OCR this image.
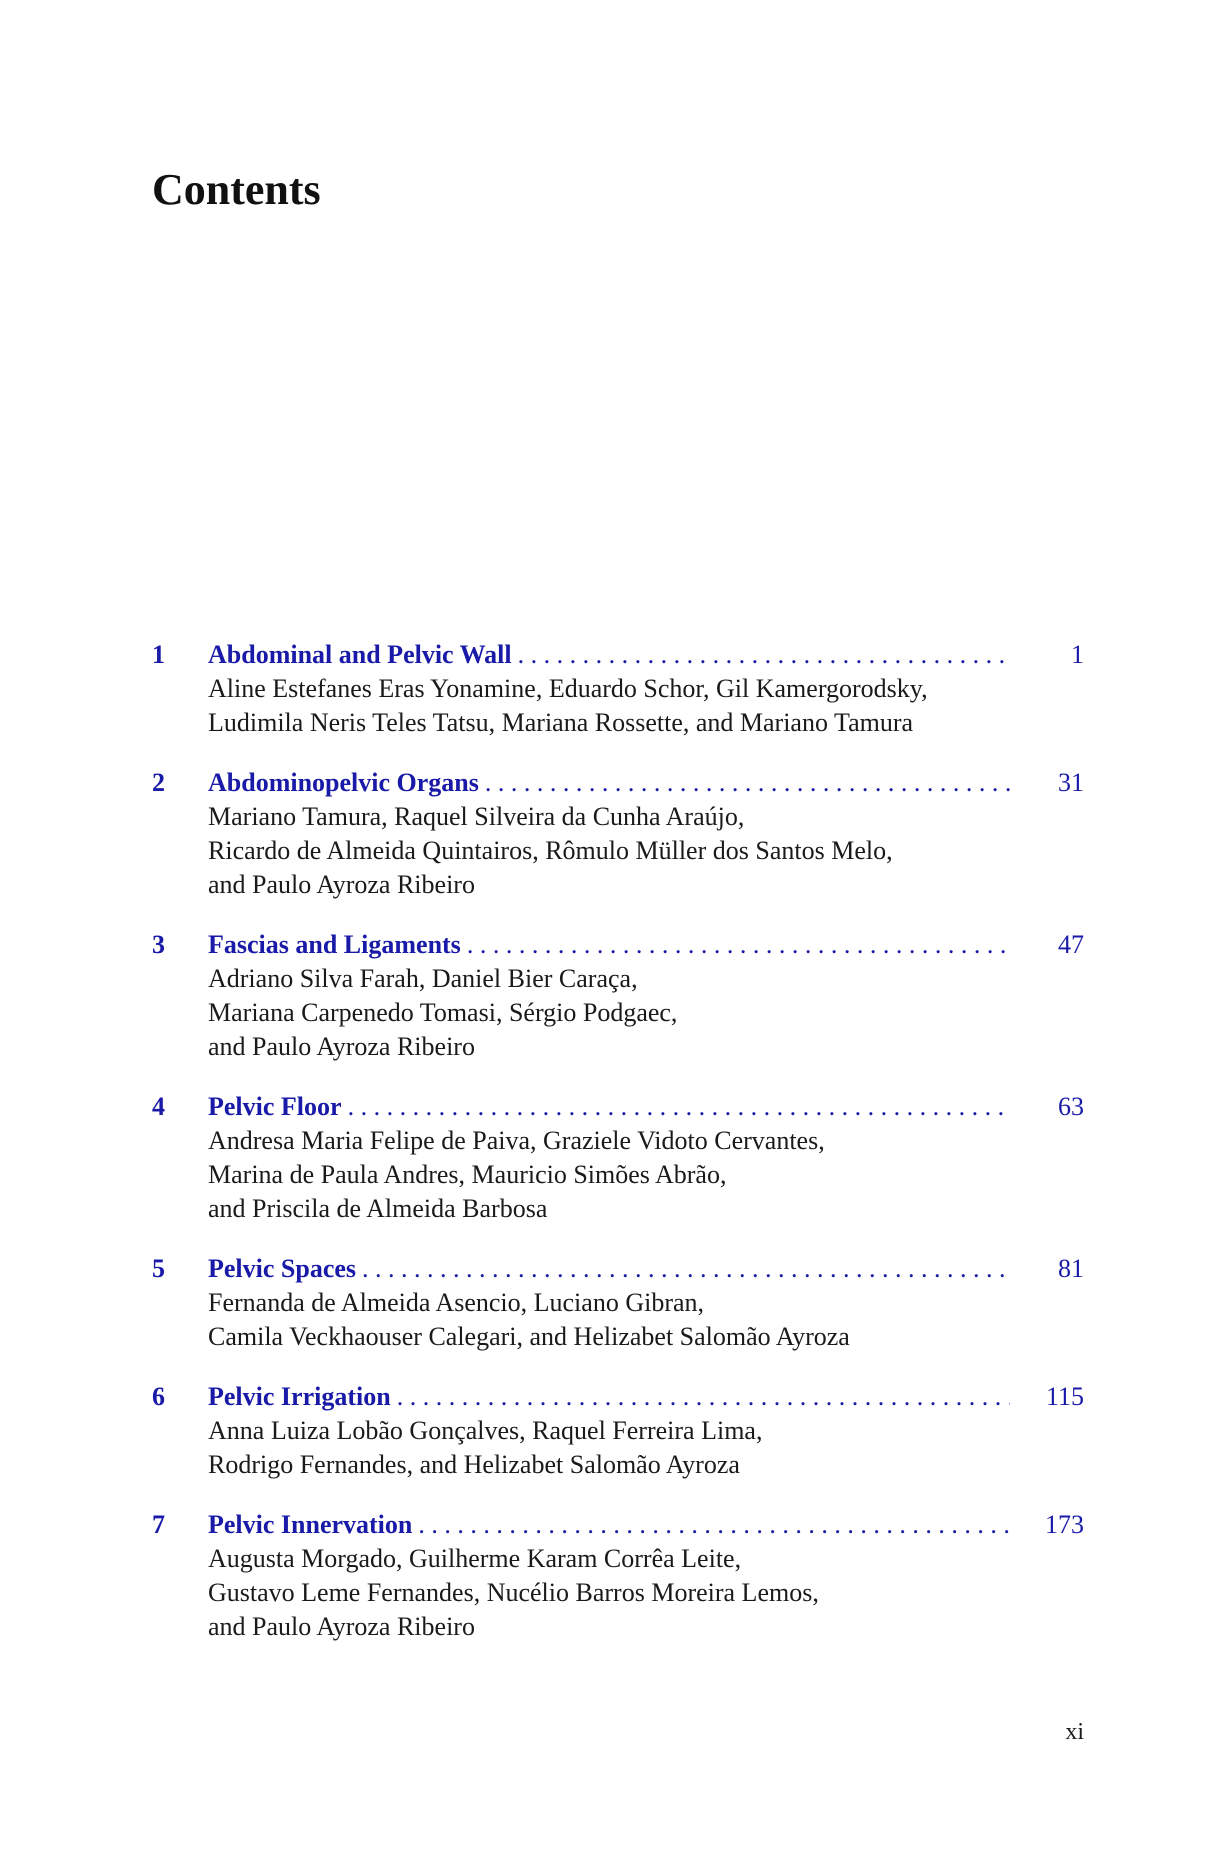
Contents
1	Abdominal and Pelvic Wall . . .	1
Aline Estefanes Eras Yonamine, Eduardo Schor, Gil Kamergorodsky,
Ludimila Neris Teles Tatsu, Mariana Rossette, and Mariano Tamura
2	Abdominopelvic Organs . . .	31
Mariano Tamura, Raquel Silveira da Cunha Araújo,
Ricardo de Almeida Quintairos, Rômulo Müller dos Santos Melo,
and Paulo Ayroza Ribeiro
3	Fascias and Ligaments . . .	47
Adriano Silva Farah, Daniel Bier Caraça,
Mariana Carpenedo Tomasi, Sérgio Podgaec,
and Paulo Ayroza Ribeiro
4	Pelvic Floor . . .	63
Andresa Maria Felipe de Paiva, Graziele Vidoto Cervantes,
Marina de Paula Andres, Mauricio Simões Abrão,
and Priscila de Almeida Barbosa
5	Pelvic Spaces . . .	81
Fernanda de Almeida Asencio, Luciano Gibran,
Camila Veckhaouser Calegari, and Helizabet Salomão Ayroza
6	Pelvic Irrigation . . .	115
Anna Luiza Lobão Gonçalves, Raquel Ferreira Lima,
Rodrigo Fernandes, and Helizabet Salomão Ayroza
7	Pelvic Innervation . . .	173
Augusta Morgado, Guilherme Karam Corrêa Leite,
Gustavo Leme Fernandes, Nucélio Barros Moreira Lemos,
and Paulo Ayroza Ribeiro
xi
